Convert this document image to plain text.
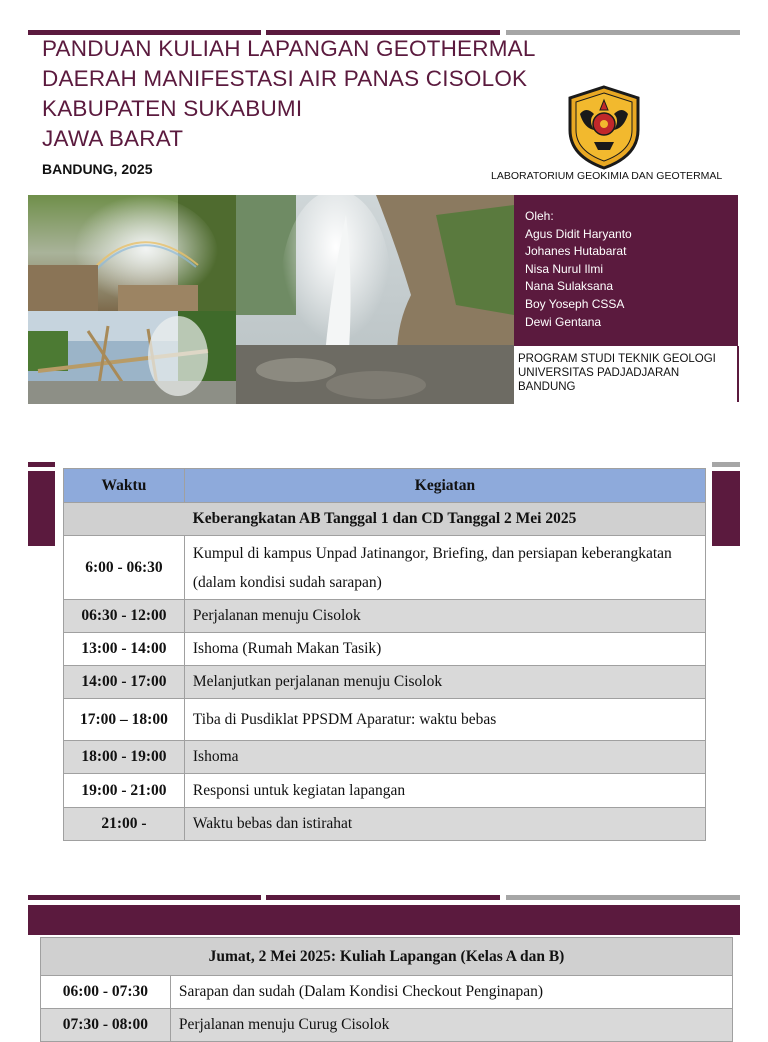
PANDUAN KULIAH LAPANGAN GEOTHERMAL
DAERAH MANIFESTASI AIR PANAS CISOLOK
KABUPATEN SUKABUMI
JAWA BARAT
BANDUNG, 2025	LABORATORIUM GEOKIMIA DAN GEOTERMAL
Oleh:
Agus Didit Haryanto
Johanes Hutabarat
Nisa Nurul Ilmi
Nana Sulaksana
Boy Yoseph CSSA
Dewi Gentana
PROGRAM STUDI TEKNIK GEOLOGI
UNIVERSITAS PADJADJARAN
BANDUNG
Waktu	Kegiatan
Keberangkatan AB Tanggal 1 dan CD Tanggal 2 Mei 2025	
6:00 - 06:30	Kumpul di kampus Unpad Jatinangor, Briefing, dan persiapan keberangkatan (dalam kondisi sudah sarapan)
06:30 - 12:00	Perjalanan menuju Cisolok
13:00 - 14:00	Ishoma (Rumah Makan Tasik)
14:00 - 17:00	Melanjutkan perjalanan menuju Cisolok
17:00 – 18:00	Tiba di Pusdiklat PPSDM Aparatur: waktu bebas
18:00 - 19:00	Ishoma
19:00 - 21:00	Responsi untuk kegiatan lapangan
21:00 -	Waktu bebas dan istirahat
Jumat, 2 Mei 2025: Kuliah Lapangan (Kelas A dan B)	
06:00 - 07:30	Sarapan dan sudah (Dalam Kondisi Checkout Penginapan)
07:30 - 08:00	Perjalanan menuju Curug Cisolok
